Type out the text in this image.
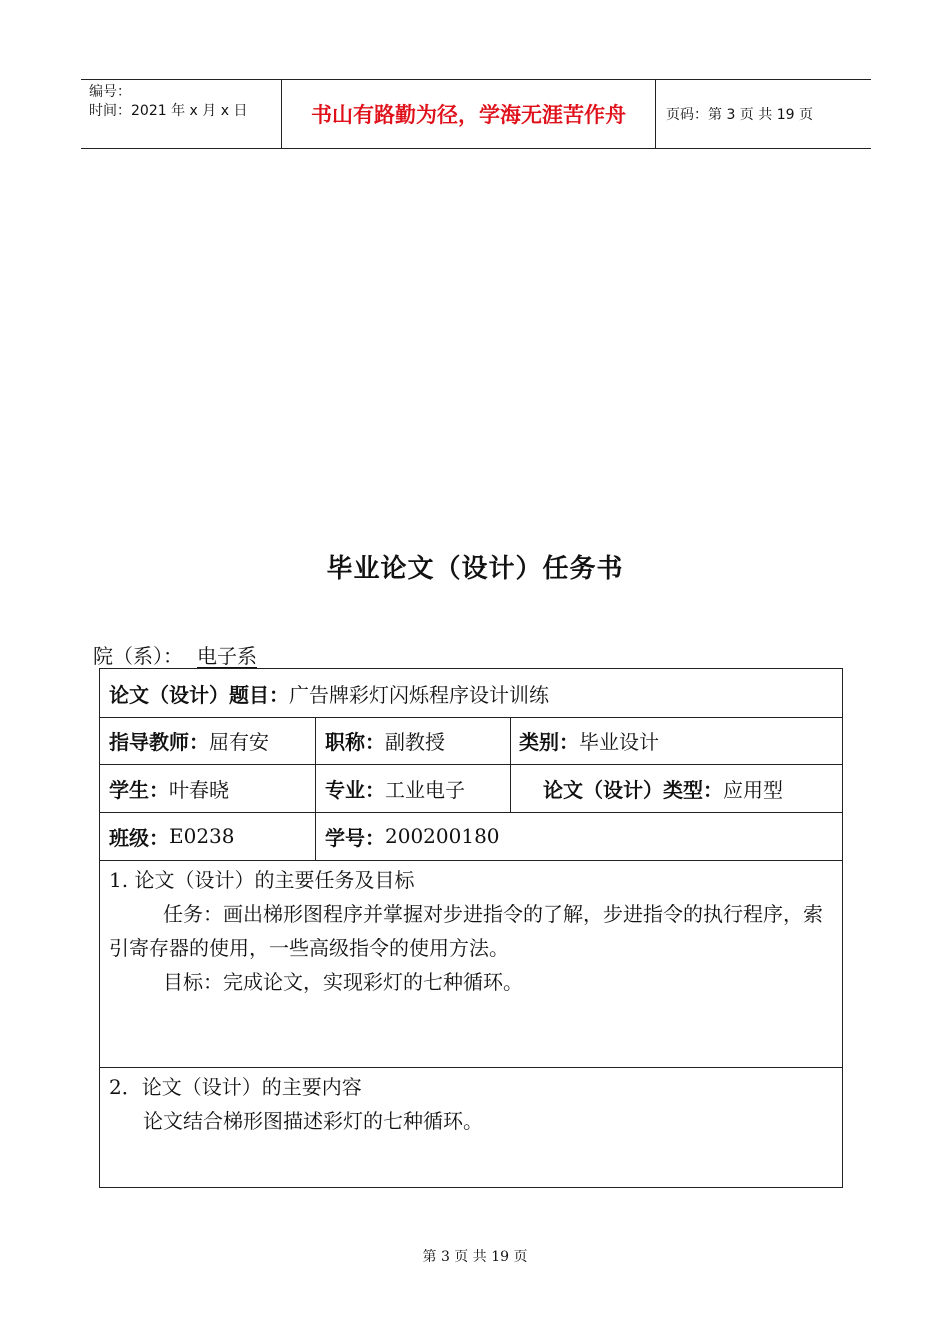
编号：
时间：2021 年 x 月 x 日	书山有路勤为径，学海无涯苦作舟	页码：第 3 页 共 19 页
毕业论文（设计）任务书
院（系）： 电子系
论文（设计）题目： 广告牌彩灯闪烁程序设计训练
指导教师： 屈有安	职称： 副教授	类别： 毕业设计
学生： 叶春晓	专业： 工业电子	论文（设计）类型： 应用型
班级： E0238	学号： 200200180
1. 论文（设计）的主要任务及目标
任务：画出梯形图程序并掌握对步进指令的了解，步进指令的执行程序，索引寄存器的使用，一些高级指令的使用方法。
目标：完成论文，实现彩灯的七种循环。
2．论文（设计）的主要内容
论文结合梯形图描述彩灯的七种循环。
第 3 页 共 19 页
